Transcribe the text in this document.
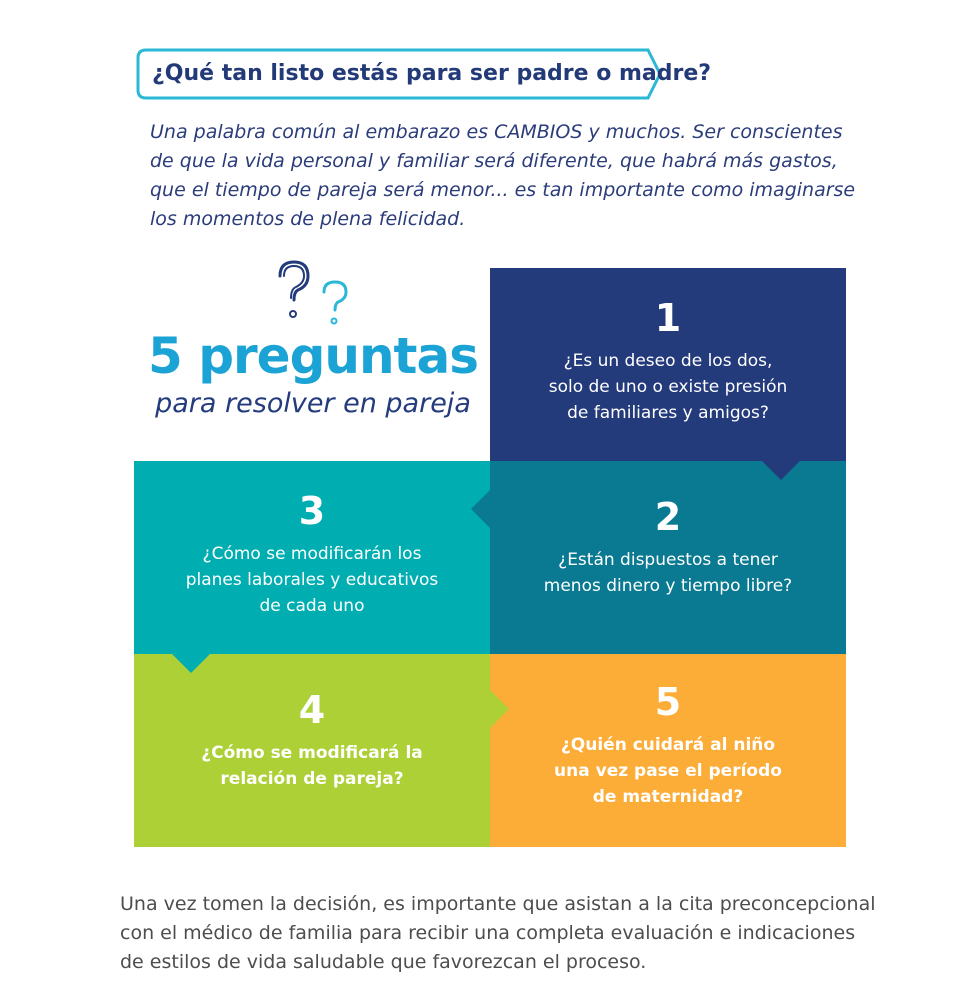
¿Qué tan listo estás para ser padre o madre?

Una palabra común al embarazo es CAMBIOS y muchos. Ser conscientes de que la vida personal y familiar será diferente, que habrá más gastos, que el tiempo de pareja será menor... es tan importante como imaginarse los momentos de plena felicidad.

5 preguntas
para resolver en pareja
1
¿Es un deseo de los dos,
solo de uno o existe presión
de familiares y amigos?
2
¿Están dispuestos a tener
menos dinero y tiempo libre?
3
¿Cómo se modificarán los
planes laborales y educativos
de cada uno
4
¿Cómo se modificará la
relación de pareja?
5
¿Quién cuidará al niño
una vez pase el período
de maternidad?

Una vez tomen la decisión, es importante que asistan a la cita preconcepcional con el médico de familia para recibir una completa evaluación e indicaciones de estilos de vida saludable que favorezcan el proceso.
